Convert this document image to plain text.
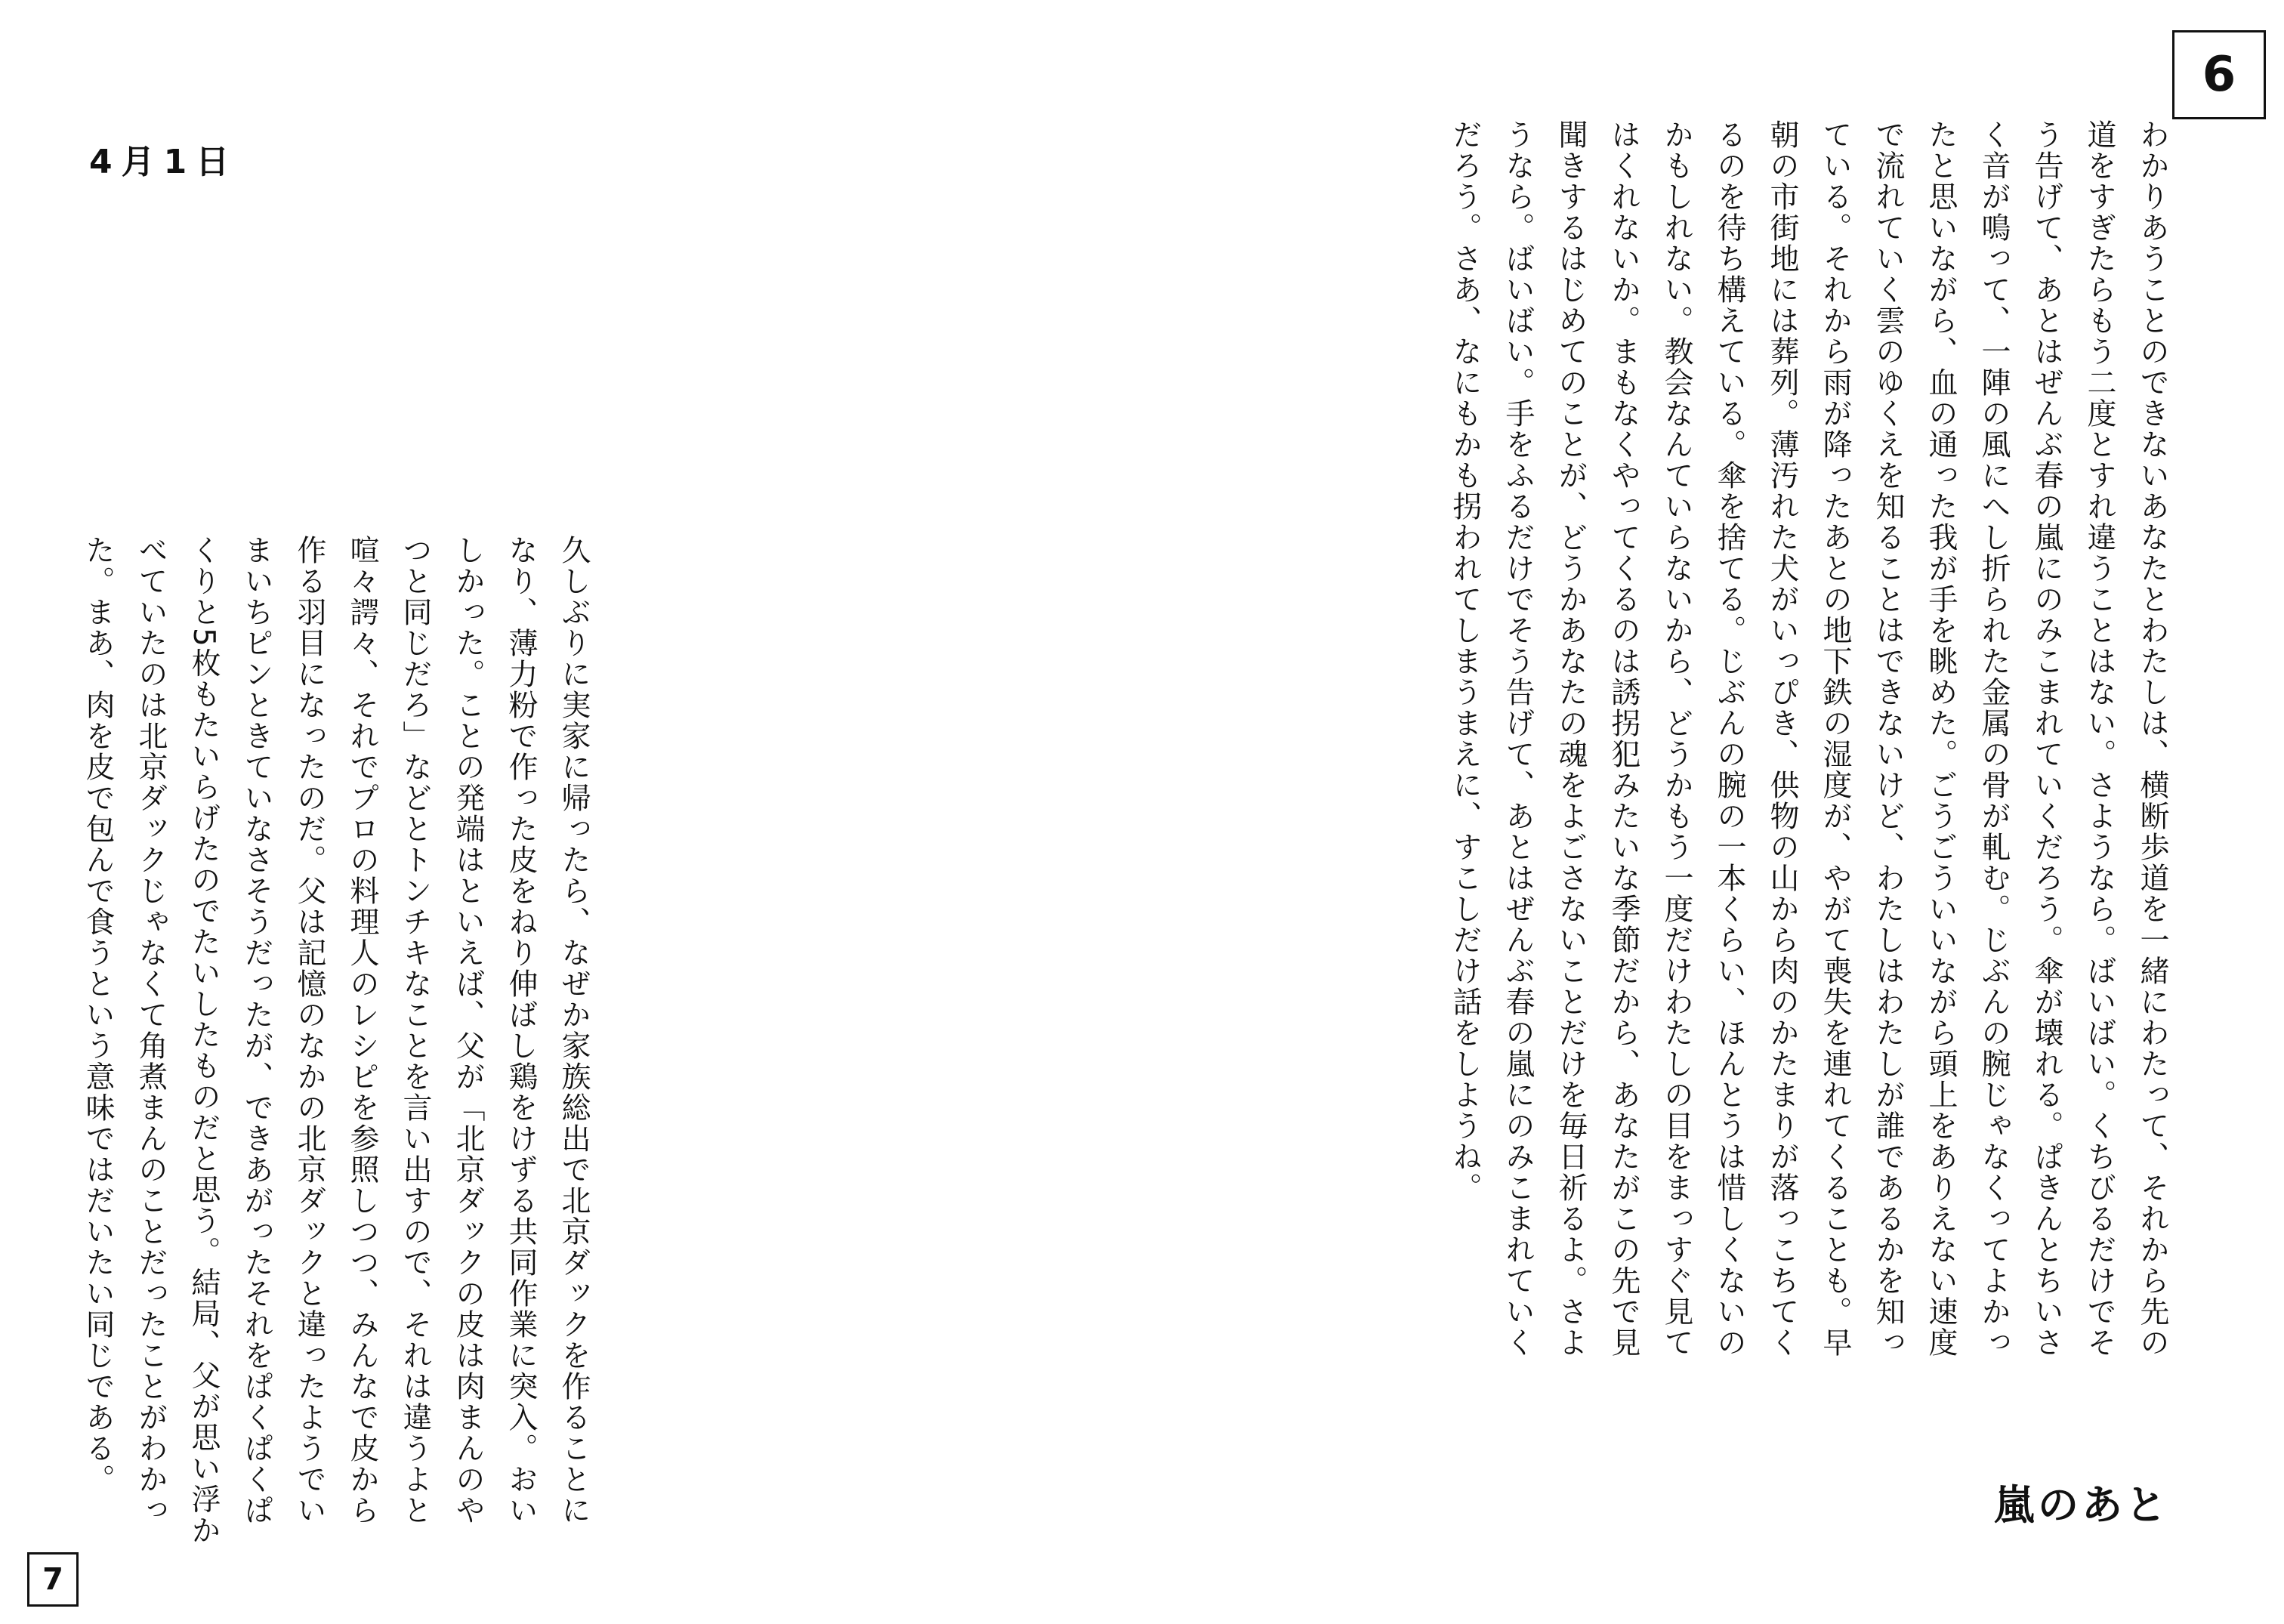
4月1日

久しぶりに実家に帰ったら、なぜか家族総出で北京ダックを作ることになり、薄力粉で作った皮をねり伸ばし鶏をけずる共同作業に突入。おいしかった。ことの発端はといえば、父が「北京ダックの皮は肉まんのやつと同じだろ」などとトンチキなことを言い出すので、それは違うよと喧々諤々、それでプロの料理人のレシピを参照しつつ、みんなで皮から作る羽目になったのだ。父は記憶のなかの北京ダックと違ったようでいまいちピンときていなさそうだったが、できあがったそれをぱくぱくぱくりと5枚もたいらげたのでたいしたものだと思う。結局、父が思い浮かべていたのは北京ダックじゃなくて角煮まんのことだったことがわかった。まあ、肉を皮で包んで食うという意味ではだいたい同じである。

7
6

わかりあうことのできないあなたとわたしは、横断歩道を一緒にわたって、それから先の道をすぎたらもう二度とすれ違うことはない。さようなら。ばいばい。くちびるだけでそう告げて、あとはぜんぶ春の嵐にのみこまれていくだろう。傘が壊れる。ぱきんとちいさく音が鳴って、一陣の風にへし折られた金属の骨が軋む。じぶんの腕じゃなくってよかったと思いながら、血の通った我が手を眺めた。ごうごういいながら頭上をありえない速度で流れていく雲のゆくえを知ることはできないけど、わたしはわたしが誰であるかを知っている。それから雨が降ったあとの地下鉄の湿度が、やがて喪失を連れてくることも。早朝の市街地には葬列。薄汚れた犬がいっぴき、供物の山から肉のかたまりが落っこちてくるのを待ち構えている。傘を捨てる。じぶんの腕の一本くらい、ほんとうは惜しくないのかもしれない。教会なんていらないから、どうかもう一度だけわたしの目をまっすぐ見てはくれないか。まもなくやってくるのは誘拐犯みたいな季節だから、あなたがこの先で見聞きするはじめてのことが、どうかあなたの魂をよごさないことだけを毎日祈るよ。さようなら。ばいばい。手をふるだけでそう告げて、あとはぜんぶ春の嵐にのみこまれていくだろう。さあ、なにもかも拐われてしまうまえに、すこしだけ話をしようね。

嵐のあと
